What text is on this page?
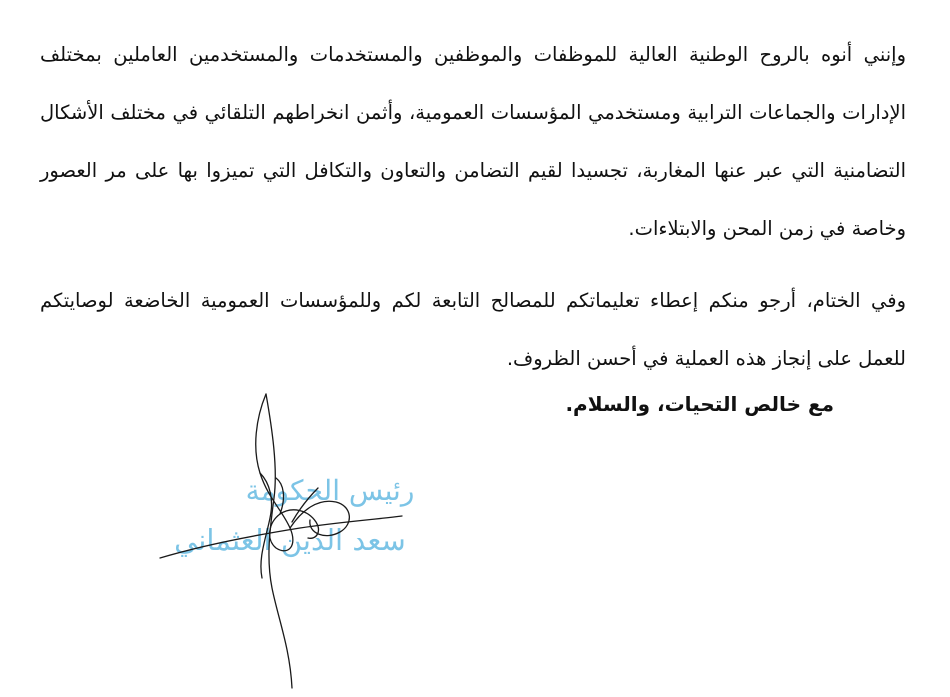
وإنني أنوه بالروح الوطنية العالية للموظفات والموظفين والمستخدمات والمستخدمين العاملين بمختلف الإدارات والجماعات الترابية ومستخدمي المؤسسات العمومية، وأثمن انخراطهم التلقائي في مختلف الأشكال التضامنية التي عبر عنها المغاربة، تجسيدا لقيم التضامن والتعاون والتكافل التي تميزوا بها على مر العصور وخاصة في زمن المحن والابتلاءات.

وفي الختام، أرجو منكم إعطاء تعليماتكم للمصالح التابعة لكم وللمؤسسات العمومية الخاضعة لوصايتكم للعمل على إنجاز هذه العملية في أحسن الظروف.

مع خالص التحيات، والسلام.

رئيس الحكومة
سعد الدين العثماني
